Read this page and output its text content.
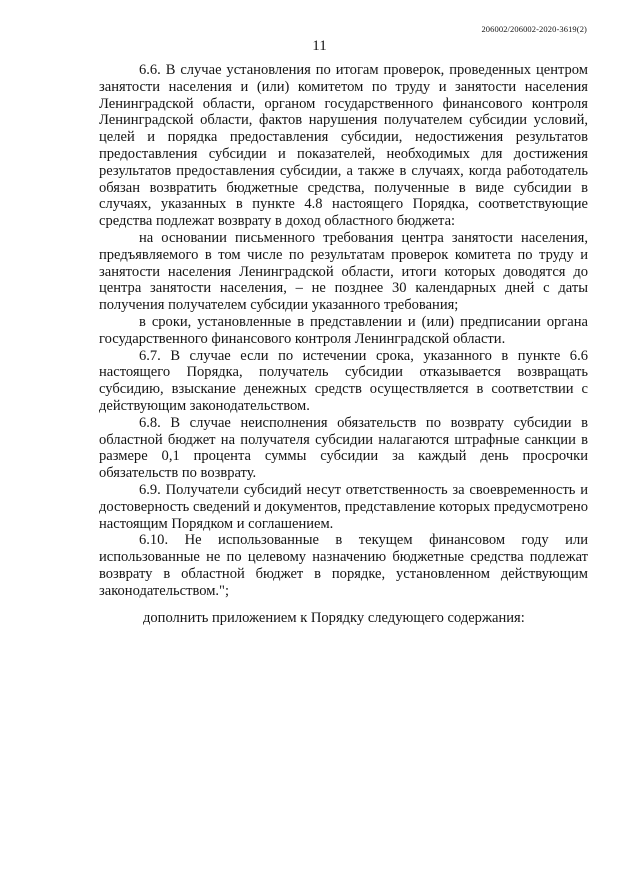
206002/206002-2020-3619(2)
11

6.6. В случае установления по итогам проверок, проведенных центром занятости населения и (или) комитетом по труду и занятости населения Ленинградской области, органом государственного финансового контроля Ленинградской области, фактов нарушения получателем субсидии условий, целей и порядка предоставления субсидии, недостижения результатов предоставления субсидии и показателей, необходимых для достижения результатов предоставления субсидии, а также в случаях, когда работодатель обязан возвратить бюджетные средства, полученные в виде субсидии в случаях, указанных в пункте 4.8 настоящего Порядка, соответствующие средства подлежат возврату в доход областного бюджета:

на основании письменного требования центра занятости населения, предъявляемого в том числе по результатам проверок комитета по труду и занятости населения Ленинградской области, итоги которых доводятся до центра занятости населения, – не позднее 30 календарных дней с даты получения получателем субсидии указанного требования;

в сроки, установленные в представлении и (или) предписании органа государственного финансового контроля Ленинградской области.

6.7. В случае если по истечении срока, указанного в пункте 6.6 настоящего Порядка, получатель субсидии отказывается возвращать субсидию, взыскание денежных средств осуществляется в соответствии с действующим законодательством.

6.8. В случае неисполнения обязательств по возврату субсидии в областной бюджет на получателя субсидии налагаются штрафные санкции в размере 0,1 процента суммы субсидии за каждый день просрочки обязательств по возврату.

6.9. Получатели субсидий несут ответственность за своевременность и достоверность сведений и документов, представление которых предусмотрено настоящим Порядком и соглашением.

6.10. Не использованные в текущем финансовом году или использованные не по целевому назначению бюджетные средства подлежат возврату в областной бюджет в порядке, установленном действующим законодательством.";

дополнить приложением к Порядку следующего содержания:
